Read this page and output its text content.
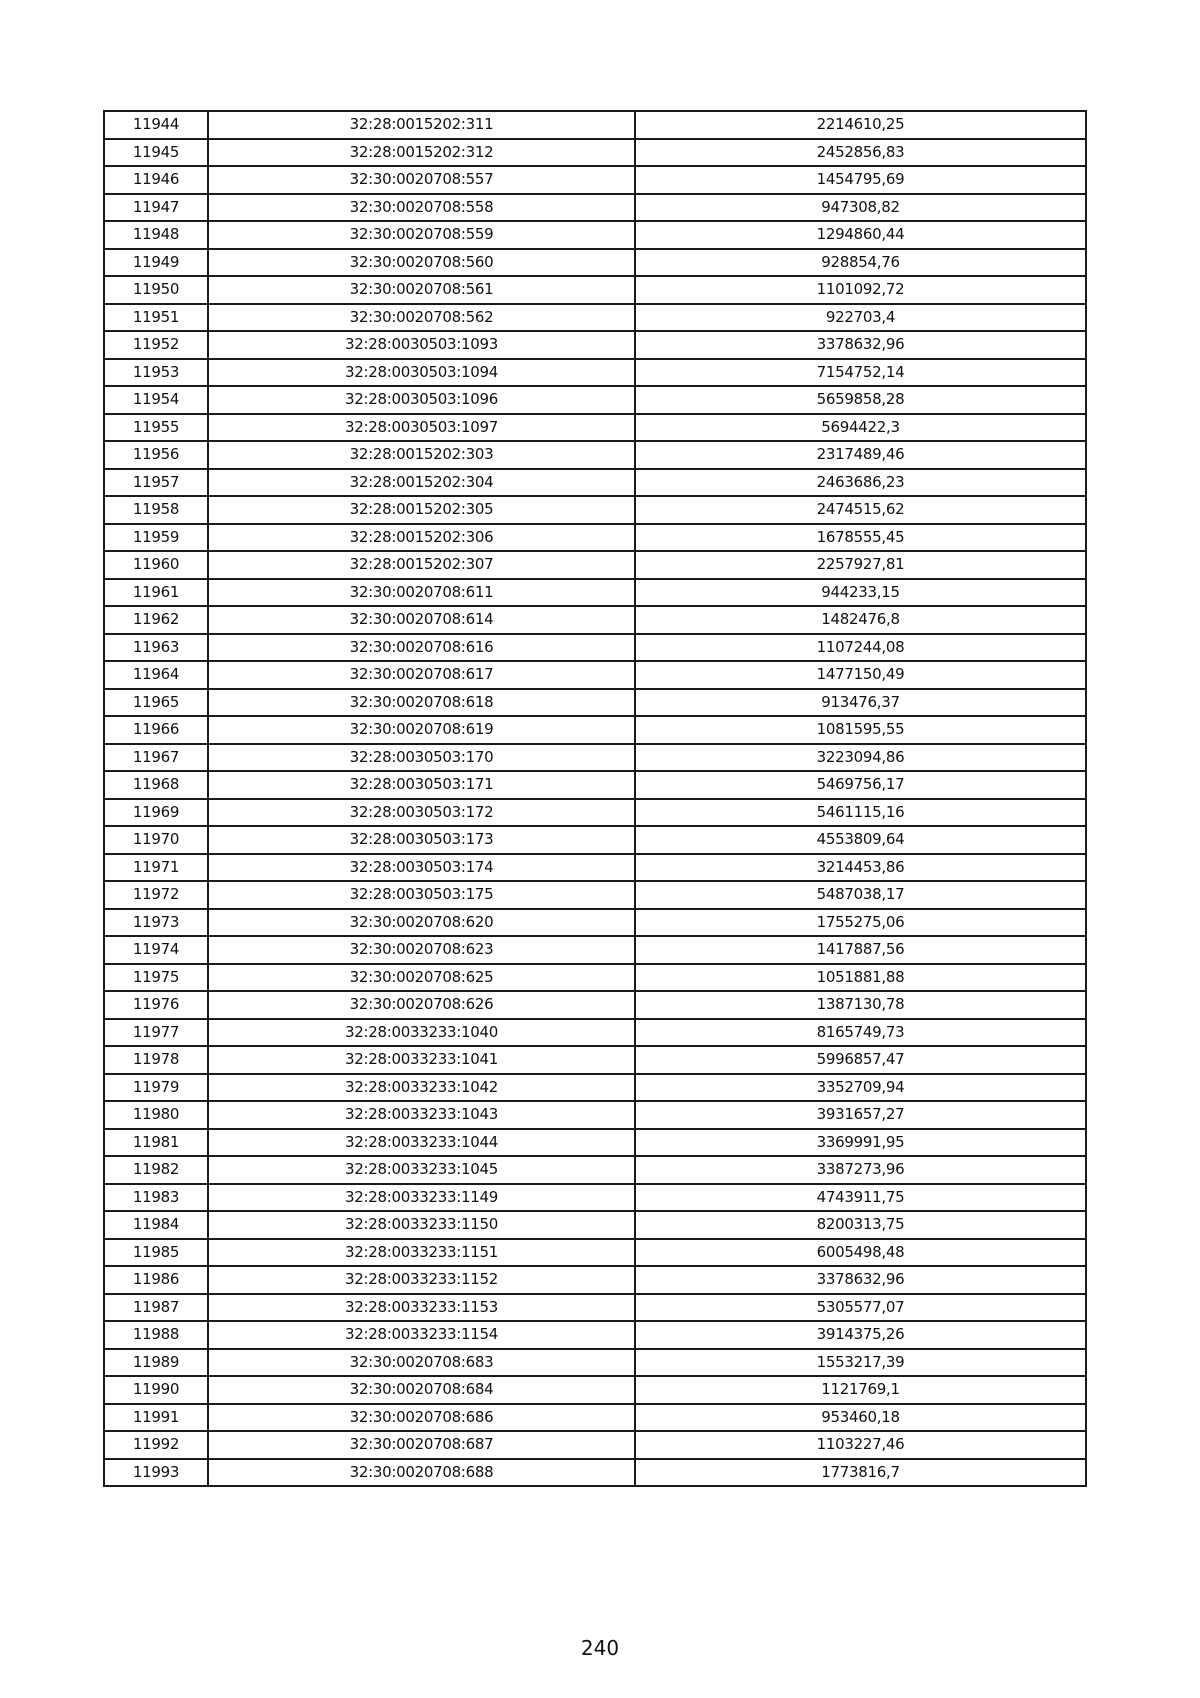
11944	32:28:0015202:311	2214610,25
11945	32:28:0015202:312	2452856,83
11946	32:30:0020708:557	1454795,69
11947	32:30:0020708:558	947308,82
11948	32:30:0020708:559	1294860,44
11949	32:30:0020708:560	928854,76
11950	32:30:0020708:561	1101092,72
11951	32:30:0020708:562	922703,4
11952	32:28:0030503:1093	3378632,96
11953	32:28:0030503:1094	7154752,14
11954	32:28:0030503:1096	5659858,28
11955	32:28:0030503:1097	5694422,3
11956	32:28:0015202:303	2317489,46
11957	32:28:0015202:304	2463686,23
11958	32:28:0015202:305	2474515,62
11959	32:28:0015202:306	1678555,45
11960	32:28:0015202:307	2257927,81
11961	32:30:0020708:611	944233,15
11962	32:30:0020708:614	1482476,8
11963	32:30:0020708:616	1107244,08
11964	32:30:0020708:617	1477150,49
11965	32:30:0020708:618	913476,37
11966	32:30:0020708:619	1081595,55
11967	32:28:0030503:170	3223094,86
11968	32:28:0030503:171	5469756,17
11969	32:28:0030503:172	5461115,16
11970	32:28:0030503:173	4553809,64
11971	32:28:0030503:174	3214453,86
11972	32:28:0030503:175	5487038,17
11973	32:30:0020708:620	1755275,06
11974	32:30:0020708:623	1417887,56
11975	32:30:0020708:625	1051881,88
11976	32:30:0020708:626	1387130,78
11977	32:28:0033233:1040	8165749,73
11978	32:28:0033233:1041	5996857,47
11979	32:28:0033233:1042	3352709,94
11980	32:28:0033233:1043	3931657,27
11981	32:28:0033233:1044	3369991,95
11982	32:28:0033233:1045	3387273,96
11983	32:28:0033233:1149	4743911,75
11984	32:28:0033233:1150	8200313,75
11985	32:28:0033233:1151	6005498,48
11986	32:28:0033233:1152	3378632,96
11987	32:28:0033233:1153	5305577,07
11988	32:28:0033233:1154	3914375,26
11989	32:30:0020708:683	1553217,39
11990	32:30:0020708:684	1121769,1
11991	32:30:0020708:686	953460,18
11992	32:30:0020708:687	1103227,46
11993	32:30:0020708:688	1773816,7
240
